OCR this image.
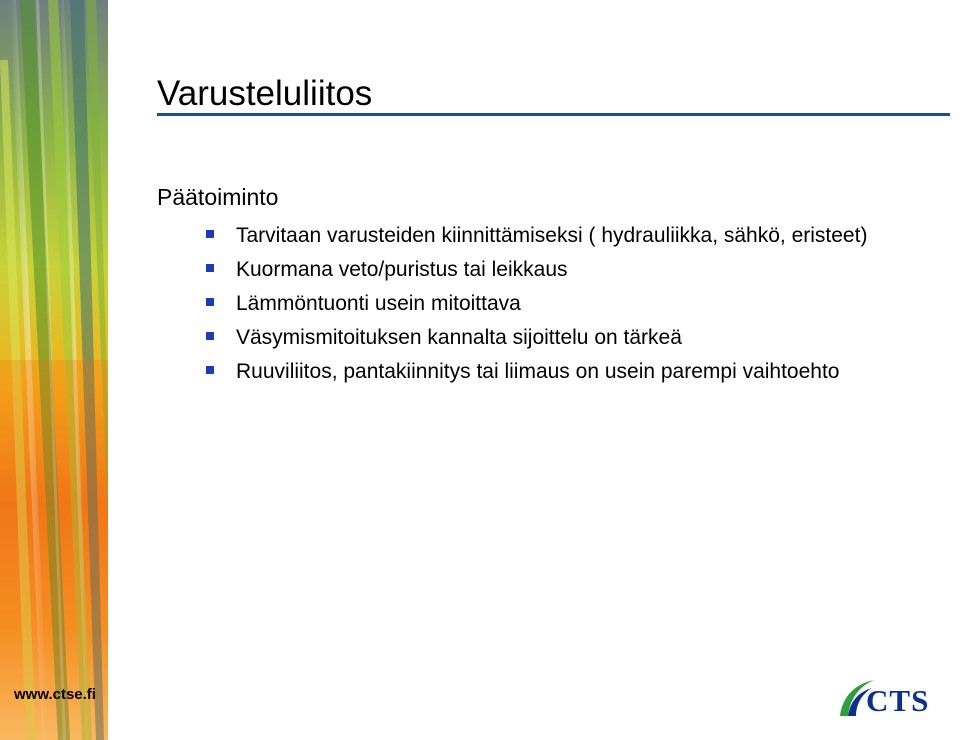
Varusteluliitos
Päätoiminto
Tarvitaan varusteiden kiinnittämiseksi ( hydrauliikka, sähkö, eristeet)
Kuormana veto/puristus tai leikkaus
Lämmöntuonti usein mitoittava
Väsymismitoituksen kannalta sijoittelu on tärkeä
Ruuviliitos, pantakiinnitys tai liimaus on usein parempi vaihtoehto
www.ctse.fi	CTS
